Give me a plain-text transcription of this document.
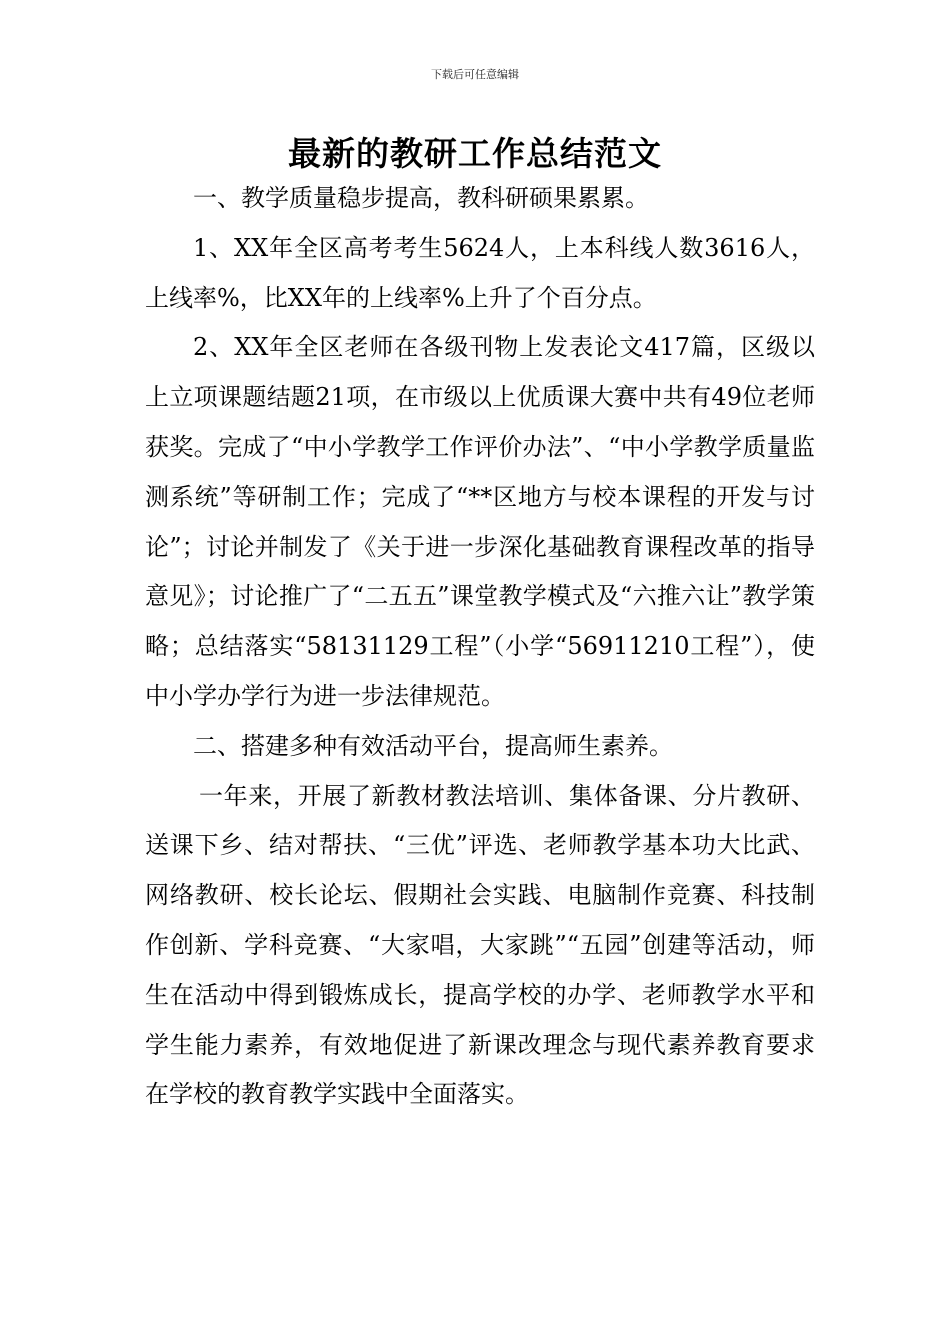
下载后可任意编辑
最新的教研工作总结范文

一、教学质量稳步提高，教科研硕果累累。

1、XX年全区高考考生5624人，上本科线人数3616人，上线率%，比XX年的上线率%上升了个百分点。

2、XX年全区老师在各级刊物上发表论文417篇，区级以上立项课题结题21项，在市级以上优质课大赛中共有49位老师获奖。完成了“中小学教学工作评价办法”、“中小学教学质量监测系统”等研制工作；完成了“**区地方与校本课程的开发与讨论”；讨论并制发了《关于进一步深化基础教育课程改革的指导意见》；讨论推广了“二五五”课堂教学模式及“六推六让”教学策略；总结落实“58131129工程”（小学“56911210工程”），使中小学办学行为进一步法律规范。

二、搭建多种有效活动平台，提高师生素养。

一年来，开展了新教材教法培训、集体备课、分片教研、送课下乡、结对帮扶、“三优”评选、老师教学基本功大比武、网络教研、校长论坛、假期社会实践、电脑制作竞赛、科技制作创新、学科竞赛、“大家唱，大家跳”“五园”创建等活动，师生在活动中得到锻炼成长，提高学校的办学、老师教学水平和学生能力素养，有效地促进了新课改理念与现代素养教育要求在学校的教育教学实践中全面落实。
